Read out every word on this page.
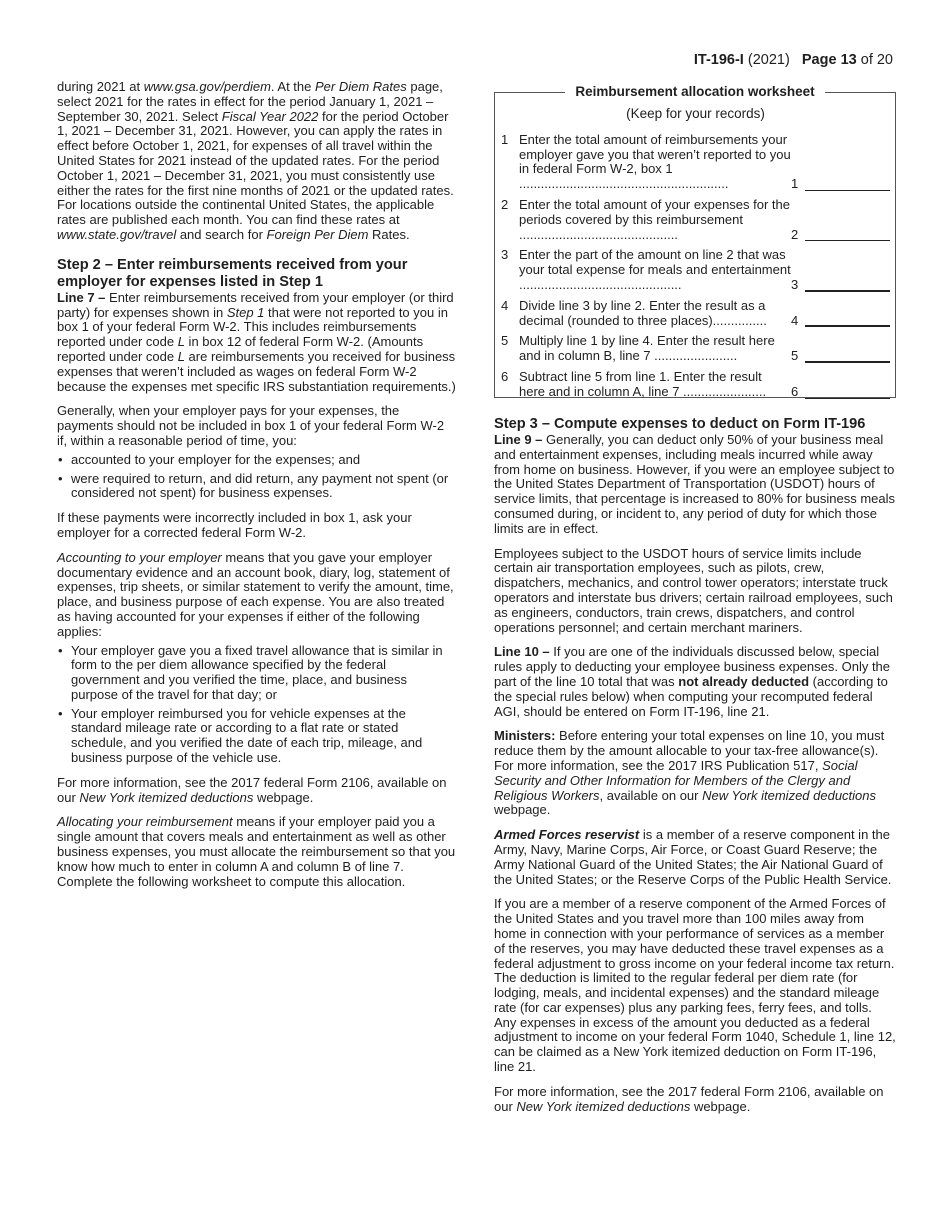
IT-196-I (2021) Page 13 of 20

during 2021 at www.gsa.gov/perdiem. At the Per Diem Rates page, select 2021 for the rates in effect for the period January 1, 2021 – September 30, 2021. Select Fiscal Year 2022 for the period October 1, 2021 – December 31, 2021. However, you can apply the rates in effect before October 1, 2021, for expenses of all travel within the United States for 2021 instead of the updated rates. For the period October 1, 2021 – December 31, 2021, you must consistently use either the rates for the first nine months of 2021 or the updated rates. For locations outside the continental United States, the applicable rates are published each month. You can find these rates at www.state.gov/travel and search for Foreign Per Diem Rates.

Step 2 – Enter reimbursements received from your employer for expenses listed in Step 1

Line 7 – Enter reimbursements received from your employer (or third party) for expenses shown in Step 1 that were not reported to you in box 1 of your federal Form W-2. This includes reimbursements reported under code L in box 12 of federal Form W-2. (Amounts reported under code L are reimbursements you received for business expenses that weren’t included as wages on federal Form W-2 because the expenses met specific IRS substantiation requirements.)

Generally, when your employer pays for your expenses, the payments should not be included in box 1 of your federal Form W-2 if, within a reasonable period of time, you:

• accounted to your employer for the expenses; and
• were required to return, and did return, any payment not spent (or considered not spent) for business expenses.

If these payments were incorrectly included in box 1, ask your employer for a corrected federal Form W-2.

Accounting to your employer means that you gave your employer documentary evidence and an account book, diary, log, statement of expenses, trip sheets, or similar statement to verify the amount, time, place, and business purpose of each expense. You are also treated as having accounted for your expenses if either of the following applies:

• Your employer gave you a fixed travel allowance that is similar in form to the per diem allowance specified by the federal government and you verified the time, place, and business purpose of the travel for that day; or
• Your employer reimbursed you for vehicle expenses at the standard mileage rate or according to a flat rate or stated schedule, and you verified the date of each trip, mileage, and business purpose of the vehicle use.

For more information, see the 2017 federal Form 2106, available on our New York itemized deductions webpage.

Allocating your reimbursement means if your employer paid you a single amount that covers meals and entertainment as well as other business expenses, you must allocate the reimbursement so that you know how much to enter in column A and column B of line 7. Complete the following worksheet to compute this allocation.

Reimbursement allocation worksheet
(Keep for your records)
1 Enter the total amount of reimbursements your employer gave you that weren’t reported to you in federal Form W-2, box 1 ..........................................................	1
2 Enter the total amount of your expenses for the periods covered by this reimbursement ............................................	2
3 Enter the part of the amount on line 2 that was your total expense for meals and entertainment .............................................	3
4 Divide line 3 by line 2. Enter the result as a decimal (rounded to three places)...............	4
5 Multiply line 1 by line 4. Enter the result here and in column B, line 7 .......................	5
6 Subtract line 5 from line 1. Enter the result here and in column A, line 7 .......................	6
Step 3 – Compute expenses to deduct on Form IT-196

Line 9 – Generally, you can deduct only 50% of your business meal and entertainment expenses, including meals incurred while away from home on business. However, if you were an employee subject to the United States Department of Transportation (USDOT) hours of service limits, that percentage is increased to 80% for business meals consumed during, or incident to, any period of duty for which those limits are in effect.

Employees subject to the USDOT hours of service limits include certain air transportation employees, such as pilots, crew, dispatchers, mechanics, and control tower operators; interstate truck operators and interstate bus drivers; certain railroad employees, such as engineers, conductors, train crews, dispatchers, and control operations personnel; and certain merchant mariners.

Line 10 – If you are one of the individuals discussed below, special rules apply to deducting your employee business expenses. Only the part of the line 10 total that was not already deducted (according to the special rules below) when computing your recomputed federal AGI, should be entered on Form IT-196, line 21.

Ministers: Before entering your total expenses on line 10, you must reduce them by the amount allocable to your tax-free allowance(s). For more information, see the 2017 IRS Publication 517, Social Security and Other Information for Members of the Clergy and Religious Workers, available on our New York itemized deductions webpage.

Armed Forces reservist is a member of a reserve component in the Army, Navy, Marine Corps, Air Force, or Coast Guard Reserve; the Army National Guard of the United States; the Air National Guard of the United States; or the Reserve Corps of the Public Health Service.

If you are a member of a reserve component of the Armed Forces of the United States and you travel more than 100 miles away from home in connection with your performance of services as a member of the reserves, you may have deducted these travel expenses as a federal adjustment to gross income on your federal income tax return. The deduction is limited to the regular federal per diem rate (for lodging, meals, and incidental expenses) and the standard mileage rate (for car expenses) plus any parking fees, ferry fees, and tolls. Any expenses in excess of the amount you deducted as a federal adjustment to income on your federal Form 1040, Schedule 1, line 12, can be claimed as a New York itemized deduction on Form IT-196, line 21.

For more information, see the 2017 federal Form 2106, available on our New York itemized deductions webpage.
